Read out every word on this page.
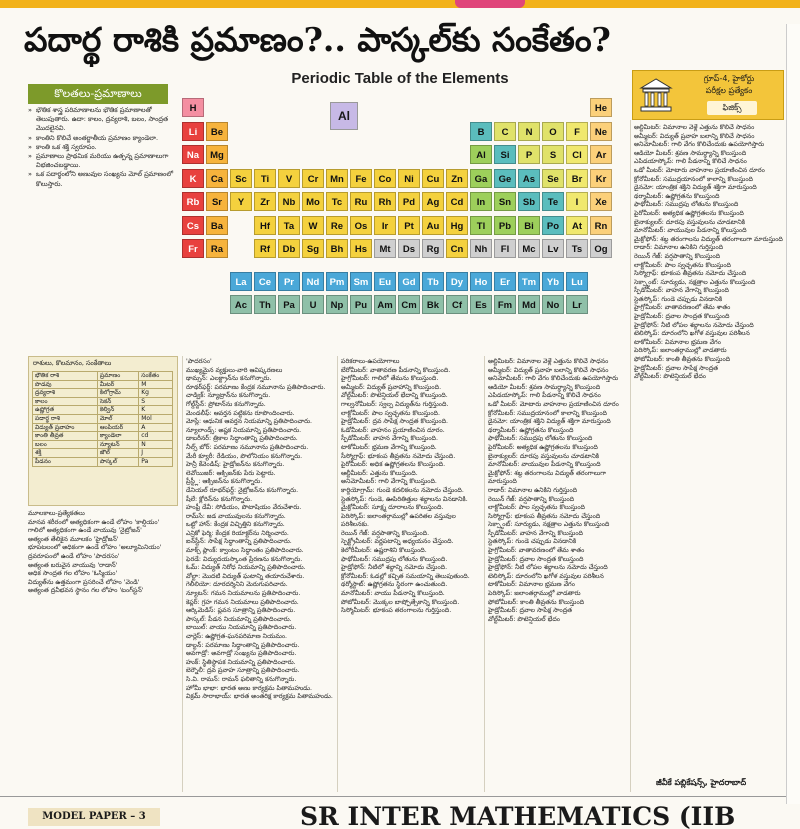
పదార్థ రాశికి ప్రమాణం?.. పాస్కల్‌కు సంకేతం?
కొలతలు-ప్రమాణాలు
» భౌతిక శాస్త్ర పరిమాణాలను భౌతిక ప్రమాణాలతో తెలుపుతారు. ఉదా: కాలం, ద్రవ్యరాశి, బలం, సాంద్రత మొదలైనవి.
» కాంతిని కొలిచే అంతర్జాతీయ ప్రమాణం క్యాండెలా.
» కాంతి ఒక శక్తి స్వరూపం.
» ప్రమాణాలు ప్రాథమిక మరియు ఉత్పన్న ప్రమాణాలుగా విభజించబడ్డాయి.
» ఒక పదార్థంలోని అణువుల సంఖ్యను మోల్ ప్రమాణంలో కొలుస్తారు.
Periodic Table of the Elements	గ్రూప్‌-4, హైకోర్టు
పరీక్షల ప్రత్యేకం
ఫిజిక్స్‌
Al
H	He
Li	Be	B	C	N	O	F	Ne
Na	Mg	Al	Si	P	S	Cl	Ar
K	Ca	Sc	Ti	V	Cr	Mn	Fe	Co	Ni	Cu	Zn	Ga	Ge	As	Se	Br	Kr
Rb	Sr	Y	Zr	Nb	Mo	Tc	Ru	Rh	Pd	Ag	Cd	In	Sn	Sb	Te	I	Xe
Cs	Ba	Hf	Ta	W	Re	Os	Ir	Pt	Au	Hg	Tl	Pb	Bi	Po	At	Rn
Fr	Ra	Rf	Db	Sg	Bh	Hs	Mt	Ds	Rg	Cn	Nh	Fl	Mc	Lv	Ts	Og
La	Ce	Pr	Nd	Pm Sm	Eu	Gd	Tb	Dy	Ho	Er	Tm	Yb	Lu
Ac	Th	Pa	U	Np	Pu	Am Cm	Bk	Cf	Es	Fm	Md	No	Lr
రాశులు, కొలమానం, సంకేతాలు
భౌతిక రాశి	ప్రమాణం	సంకేతం
పొడవు	మీటర్‌	M
ద్రవ్యరాశి	కిలోగ్రామ్‌	Kg
కాలం	సెకన్‌	S
ఉష్ణోగ్రత	కెల్విన్‌	K
పదార్థ రాశి	మోల్‌	Mol
విద్యుత్‌ ప్రవాహం	ఆంపియర్‌	A
కాంతి తీవ్రత	క్యాండెలా	cd
బలం	న్యూటన్‌	N
శక్తి	జౌల్‌	J
పీడనం	పాస్కల్‌	Pa

మూలకాలు-ప్రత్యేకతలు

మానవ శరీరంలో అత్యధికంగా ఉండే లోహం 'కాల్షియం'

గాలిలో అత్యధికంగా ఉండే వాయువు 'నైట్రోజన్‌'

అత్యంత తేలికైన మూలకం 'హైడ్రోజన్‌'

భూపటలంలో అధికంగా ఉండే లోహం 'అల్యూమినియం'

ద్రవరూపంలో ఉండే లోహం 'పాదరసం'

అత్యంత బరువైన వాయువు 'రాడాన్‌'

అధిక సాంద్రత గల లోహం 'ఓస్మియం'

విద్యుత్‌ను ఉత్తమంగా ప్రసరించే లోహం 'వెండి'

అత్యంత ద్రవీభవన స్థానం గల లోహం 'టంగ్‌స్టన్‌'

'పాదరసం'

ముఖ్యమైన వ్యక్తులు-వారి ఆవిష్కరణలు

థామ్సన్‌: ఎలక్ట్రాన్‌ను కనుగొన్నారు.

రూథర్‌ఫర్డ్‌: పరమాణు కేంద్రక నమూనాను ప్రతిపాదించారు.

చాడ్విక్‌: న్యూట్రాన్‌ను కనుగొన్నారు.

గోల్డ్‌స్టీన్‌: ప్రోటాన్‌ను కనుగొన్నారు.

మెండలీఫ్‌: ఆవర్తన పట్టికను రూపొందించారు.

మోస్లే: ఆధునిక ఆవర్తన నియమాన్ని ప్రతిపాదించారు.

న్యూలాండ్స్‌: అష్టక నియమాన్ని ప్రతిపాదించారు.

డాబరీనర్‌: త్రికాల సిద్ధాంతాన్ని ప్రతిపాదించారు.

నీల్స్‌ బోర్‌: పరమాణు నమూనాను ప్రతిపాదించారు.

మేరీ క్యూరీ: రేడియం, పొలోనియం కనుగొన్నారు.

హెన్రీ కేవెండిష్‌: హైడ్రోజన్‌ను కనుగొన్నారు.

లెవోయిజర్‌: ఆక్సిజన్‌కు పేరు పెట్టారు.

ప్రీస్ట్లీ: ఆక్సిజన్‌ను కనుగొన్నారు.

డేనియల్‌ రూథర్‌ఫర్డ్‌: నైట్రోజన్‌ను కనుగొన్నారు.

షీలే: క్లోరిన్‌ను కనుగొన్నారు.

హంఫ్రీ డేవీ: సోడియం, పొటాషియం వేరుచేశారు.

రామ్‌సే: జడ వాయువులను కనుగొన్నారు.

ఒట్టో హాన్‌: కేంద్రక విచ్ఛిత్తిని కనుగొన్నారు.

ఎన్రికో ఫెర్మి: కేంద్రక రియాక్టర్‌ను నిర్మించారు.

ఐన్‌స్టీన్‌: సాపేక్ష సిద్ధాంతాన్ని ప్రతిపాదించారు.

మాక్స్‌ ప్లాంక్‌: క్వాంటం సిద్ధాంతం ప్రతిపాదించారు.

ఫెరడే: విద్యుదయస్కాంత ప్రేరణను కనుగొన్నారు.

ఓమ్‌: విద్యుత్‌ నిరోధ నియమాన్ని ప్రతిపాదించారు.

వోల్టా: మొదటి విద్యుత్‌ ఘటాన్ని తయారుచేశారు.

గెలీలియో: దూరదర్శినిని మెరుగుపరిచారు.

న్యూటన్‌: గమన నియమాలను ప్రతిపాదించారు.

కెప్లర్‌: గ్రహ గమన నియమాలు ప్రతిపాదించారు.

ఆర్కిమెడిస్‌: ప్లవన సూత్రాన్ని ప్రతిపాదించారు.

పాస్కల్‌: పీడన నియమాన్ని ప్రతిపాదించారు.

బాయిల్‌: వాయు నియమాన్ని ప్రతిపాదించారు.

చార్లెస్‌: ఉష్ణోగ్రత-ఘనపరిమాణ నియమం.

డాల్టన్‌: పరమాణు సిద్ధాంతాన్ని ప్రతిపాదించారు.

అవగాడ్రో: అవగాడ్రో సంఖ్యను ప్రతిపాదించారు.

హుక్‌: స్థితిస్థాపక నియమాన్ని ప్రతిపాదించారు.

బెర్నౌలీ: ద్రవ ప్రవాహ సూత్రాన్ని ప్రతిపాదించారు.

సి.వి. రామన్‌: రామన్‌ ఫలితాన్ని కనుగొన్నారు.

హోమీ భాభా: భారత అణు కార్యక్రమ పితామహుడు.

విక్రమ్‌ సారాభాయ్‌: భారత అంతరిక్ష కార్యక్రమ పితామహుడు.

పరికరాలు-ఉపయోగాలు

బేరోమీటర్‌: వాతావరణ పీడనాన్ని కొలుస్తుంది.

హైగ్రోమీటర్‌: గాలిలో తేమను కొలుస్తుంది.

అమ్మీటర్‌: విద్యుత్‌ ప్రవాహాన్ని కొలుస్తుంది.

వోల్ట్‌మీటర్‌: పొటెన్షియల్‌ భేదాన్ని కొలుస్తుంది.

గాల్వనోమీటర్‌: స్వల్ప విద్యుత్‌ను గుర్తిస్తుంది.

లాక్టోమీటర్‌: పాల స్వచ్ఛతను కొలుస్తుంది.

హైడ్రోమీటర్‌: ద్రవ సాపేక్ష సాంద్రత కొలుస్తుంది.

ఓడోమీటర్‌: వాహనం ప్రయాణించిన దూరం.

స్పీడోమీటర్‌: వాహన వేగాన్ని కొలుస్తుంది.

టాకోమీటర్‌: భ్రమణ వేగాన్ని కొలుస్తుంది.

సీస్మోగ్రాఫ్‌: భూకంప తీవ్రతను నమోదు చేస్తుంది.

పైరోమీటర్‌: అధిక ఉష్ణోగ్రతలను కొలుస్తుంది.

ఆల్టీమీటర్‌: ఎత్తును కొలుస్తుంది.

అనిమోమీటర్‌: గాలి వేగాన్ని కొలుస్తుంది.

కార్డియోగ్రామ్‌: గుండె కదలికలను నమోదు చేస్తుంది.

స్టెతస్కోప్‌: గుండె, ఊపిరితిత్తుల శబ్దాలను వినడానికి.

మైక్రోమీటర్‌: సూక్ష్మ దూరాలను కొలుస్తుంది.

పెరిస్కోప్‌: జలాంతర్గాముల్లో ఉపరితల వస్తువుల పరిశీలనకు.

రెయిన్‌ గేజ్‌: వర్షపాతాన్ని కొలుస్తుంది.

స్పెక్ట్రోమీటర్‌: వర్ణపటాన్ని అధ్యయనం చేస్తుంది.

కెలోరీమీటర్‌: ఉష్ణరాశిని కొలుస్తుంది.

ఫాథోమీటర్‌: సముద్రపు లోతును కొలుస్తుంది.

హైడ్రోఫోన్‌: నీటిలో శబ్దాన్ని నమోదు చేస్తుంది.

క్రోనోమీటర్‌: ఓడల్లో కచ్చిత సమయాన్ని తెలుపుతుంది.

థర్మోస్టాట్‌: ఉష్ణోగ్రతను స్థిరంగా ఉంచుతుంది.

మానోమీటర్‌: వాయు పీడనాన్ని కొలుస్తుంది.

పోటోమీటర్‌: మొక్కల బాష్పోత్సేకాన్ని కొలుస్తుంది.

సిస్మోమీటర్‌: భూకంప తరంగాలను గుర్తిస్తుంది.

అల్టిమీటర్‌: విమానాల వెళ్లే ఎత్తును కొలిచే సాధనం

అమ్మీటర్‌: విద్యుత్‌ ప్రవాహ బలాన్ని కొలిచే సాధనం

అనిమోమీటర్‌: గాలి వేగం కొలిచేందుకు ఉపయోగిస్తారు

ఆడియో మీటర్‌: శ్రవణ సామర్థ్యాన్ని కొలుస్తుంది

ఎపిడయాస్కోప్‌: గాలి పీడనాన్ని కొలిచే సాధనం

ఒడో మీటర్‌: మోటారు వాహనాల ప్రయాణించిన దూరం

క్రోనోమీటర్‌: సముద్రయానంలో కాలాన్ని కొలుస్తుంది

డైనమో: యాంత్రిక శక్తిని విద్యుత్‌ శక్తిగా మారుస్తుంది

థర్మామీటర్‌: ఉష్ణోగ్రతను కొలుస్తుంది

ఫాథోమీటర్‌: సముద్రపు లోతును కొలుస్తుంది

పైరోమీటర్‌: అత్యధిక ఉష్ణోగ్రతలను కొలుస్తుంది

బైనాక్యులర్‌: దూరపు వస్తువులను చూడటానికి

మానోమీటర్‌: వాయువుల పీడనాన్ని కొలుస్తుంది

మైక్రోఫోన్‌: శబ్ద తరంగాలను విద్యుత్‌ తరంగాలుగా మారుస్తుంది

రాడార్‌: విమానాల ఉనికిని గుర్తిస్తుంది

రెయిన్‌ గేజ్‌: వర్షపాతాన్ని కొలుస్తుంది

లాక్టోమీటర్‌: పాల స్వచ్ఛతను కొలుస్తుంది

సిస్మోగ్రాఫ్‌: భూకంప తీవ్రతను నమోదు చేస్తుంది

సెక్స్టాంట్‌: సూర్యుడు, నక్షత్రాల ఎత్తును కొలుస్తుంది

స్పీడోమీటర్‌: వాహన వేగాన్ని కొలుస్తుంది

స్టెతస్కోప్‌: గుండె చప్పుడు వినడానికి

హైగ్రోమీటర్‌: వాతావరణంలో తేమ శాతం

హైడ్రోమీటర్‌: ద్రవాల సాంద్రత కొలుస్తుంది

హైడ్రోఫోన్‌: నీటి లోపల శబ్దాలను నమోదు చేస్తుంది

టెలిస్కోప్‌: దూరంలోని ఖగోళ వస్తువుల పరిశీలన

టాకోమీటర్‌: విమానాల భ్రమణ వేగం

పెరిస్కోప్‌: జలాంతర్గాముల్లో వాడతారు

ఫోటోమీటర్‌: కాంతి తీవ్రతను కొలుస్తుంది

హైడ్రోమీటర్‌: ద్రవాల సాపేక్ష సాంద్రత

వోల్ట్‌మీటర్‌: పొటెన్షియల్‌ భేదం

అల్టిమీటర్‌: విమానాల వెళ్లే ఎత్తును కొలిచే సాధనం

అమ్మీటర్‌: విద్యుత్‌ ప్రవాహ బలాన్ని కొలిచే సాధనం

అనిమోమీటర్‌: గాలి వేగం కొలిచేందుకు ఉపయోగిస్తారు

ఆడియో మీటర్‌: శ్రవణ సామర్థ్యాన్ని కొలుస్తుంది

ఎపిడయాస్కోప్‌: గాలి పీడనాన్ని కొలిచే సాధనం

ఒడో మీటర్‌: మోటారు వాహనాల ప్రయాణించిన దూరం

క్రోనోమీటర్‌: సముద్రయానంలో కాలాన్ని కొలుస్తుంది

డైనమో: యాంత్రిక శక్తిని విద్యుత్‌ శక్తిగా మారుస్తుంది

థర్మామీటర్‌: ఉష్ణోగ్రతను కొలుస్తుంది

ఫాథోమీటర్‌: సముద్రపు లోతును కొలుస్తుంది

పైరోమీటర్‌: అత్యధిక ఉష్ణోగ్రతలను కొలుస్తుంది

బైనాక్యులర్‌: దూరపు వస్తువులను చూడటానికి

మానోమీటర్‌: వాయువుల పీడనాన్ని కొలుస్తుంది

మైక్రోఫోన్‌: శబ్ద తరంగాలను విద్యుత్‌ తరంగాలుగా మారుస్తుంది

రాడార్‌: విమానాల ఉనికిని గుర్తిస్తుంది

రెయిన్‌ గేజ్‌: వర్షపాతాన్ని కొలుస్తుంది

లాక్టోమీటర్‌: పాల స్వచ్ఛతను కొలుస్తుంది

సిస్మోగ్రాఫ్‌: భూకంప తీవ్రతను నమోదు చేస్తుంది

సెక్స్టాంట్‌: సూర్యుడు, నక్షత్రాల ఎత్తును కొలుస్తుంది

స్పీడోమీటర్‌: వాహన వేగాన్ని కొలుస్తుంది

స్టెతస్కోప్‌: గుండె చప్పుడు వినడానికి

హైగ్రోమీటర్‌: వాతావరణంలో తేమ శాతం

హైడ్రోమీటర్‌: ద్రవాల సాంద్రత కొలుస్తుంది

హైడ్రోఫోన్‌: నీటి లోపల శబ్దాలను నమోదు చేస్తుంది

టెలిస్కోప్‌: దూరంలోని ఖగోళ వస్తువుల పరిశీలన

టాకోమీటర్‌: విమానాల భ్రమణ వేగం

పెరిస్కోప్‌: జలాంతర్గాముల్లో వాడతారు

ఫోటోమీటర్‌: కాంతి తీవ్రతను కొలుస్తుంది

హైడ్రోమీటర్‌: ద్రవాల సాపేక్ష సాంద్రత

వోల్ట్‌మీటర్‌: పొటెన్షియల్‌ భేదం

జీవీకే పబ్లికేషన్స్‌, హైదరాబాద్‌
MODEL PAPER – 3	SR INTER MATHEMATICS (IIB
